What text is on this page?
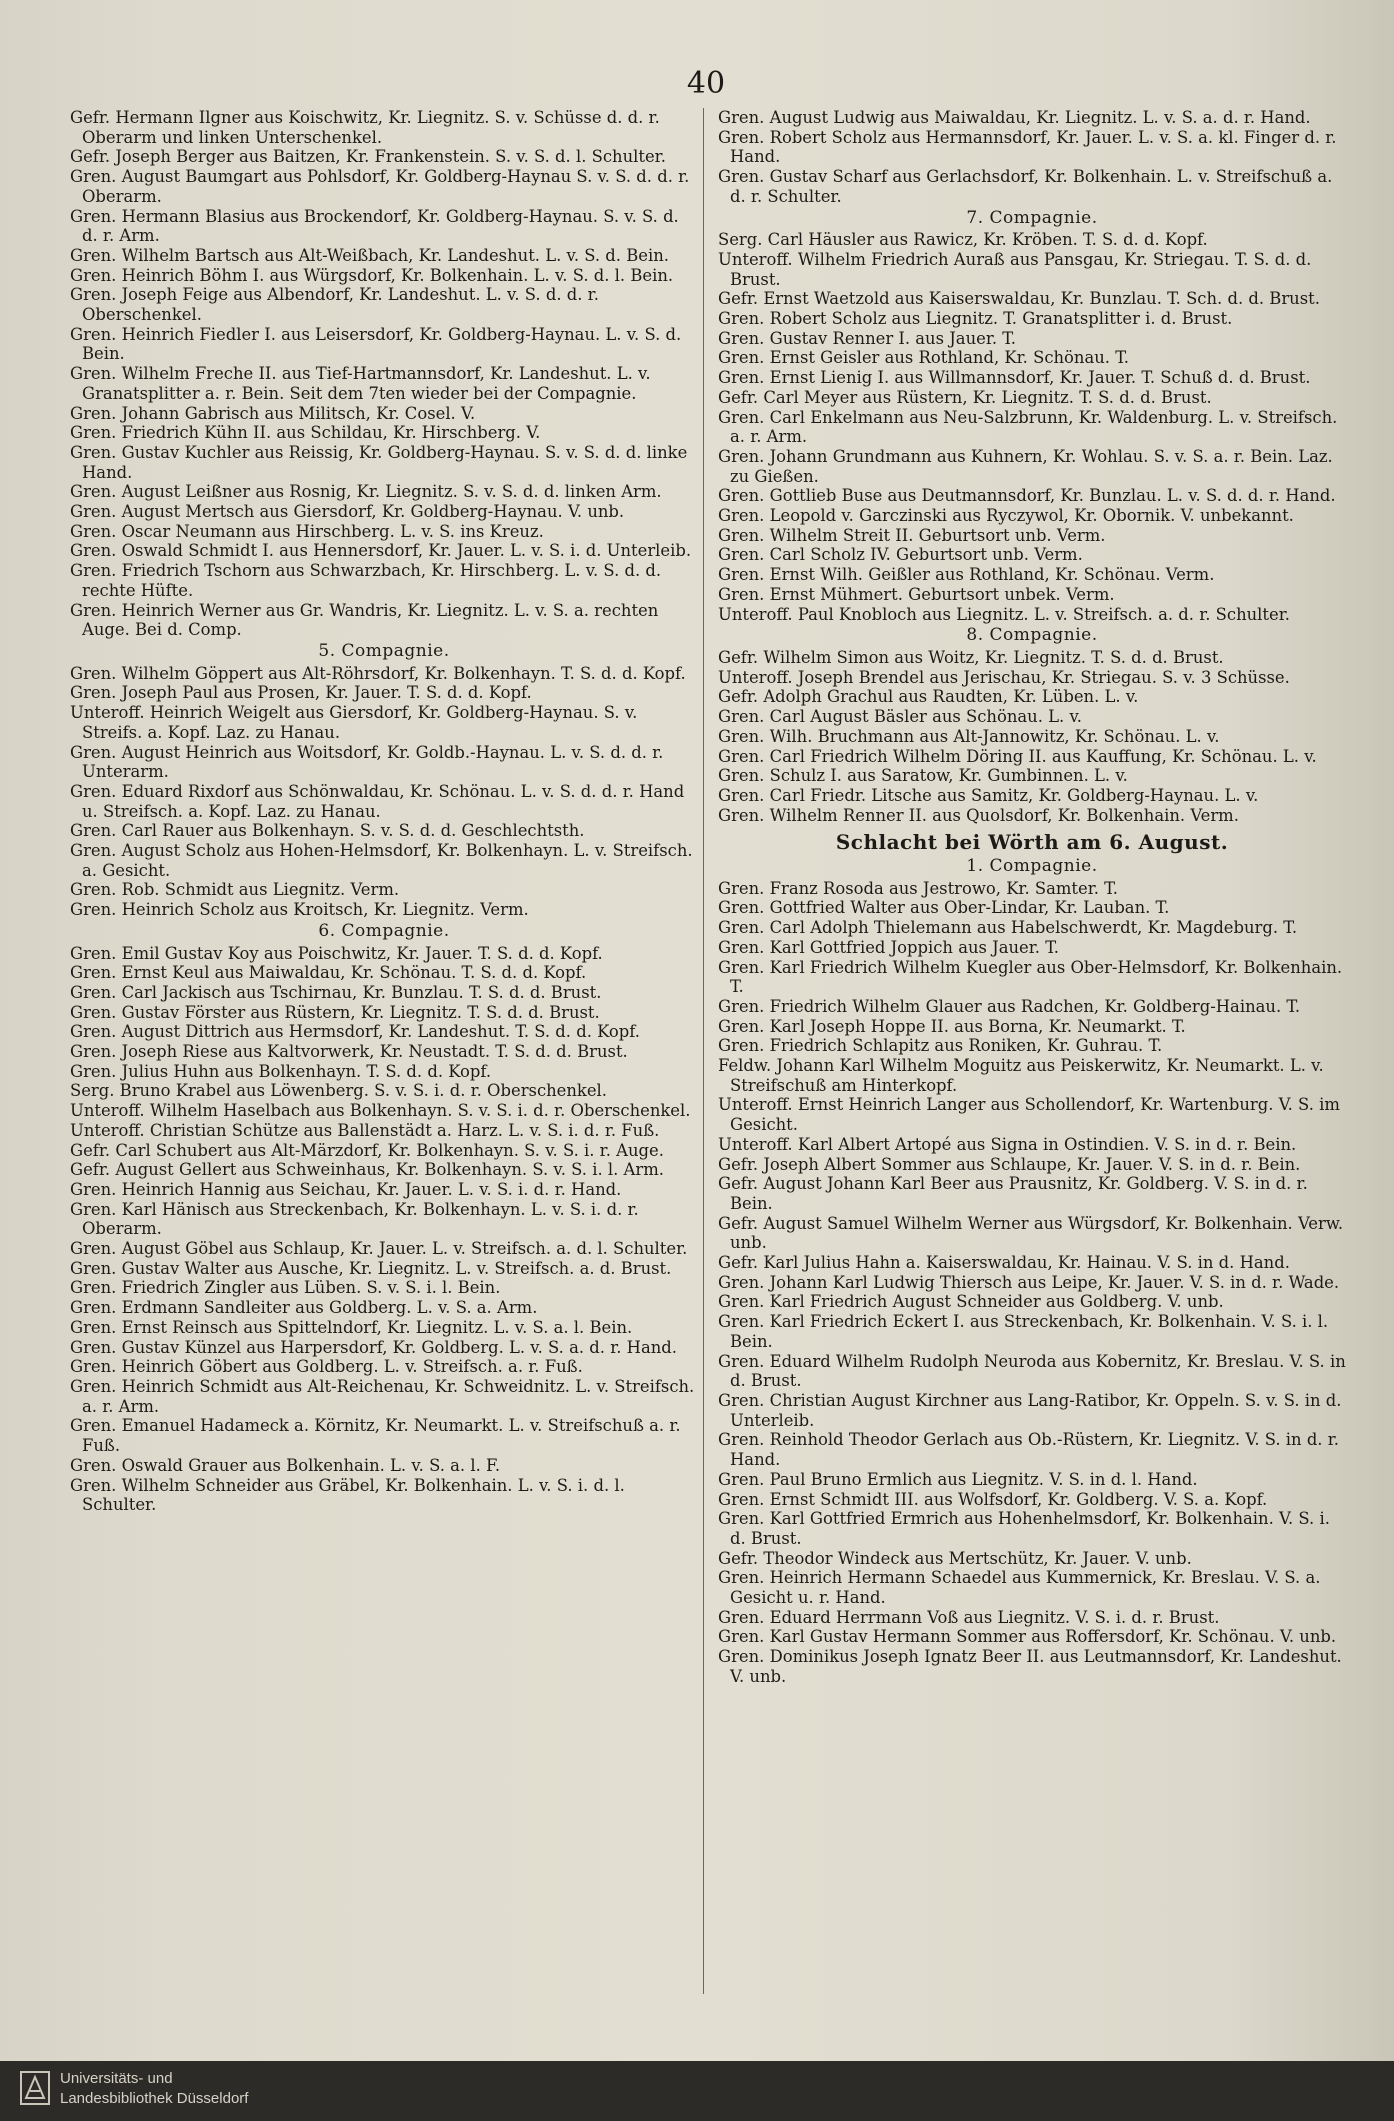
40

Gefr. Hermann Ilgner aus Koischwitz, Kr. Liegnitz. S. v. Schüsse d. d. r. Oberarm und linken Unterschenkel.

Gefr. Joseph Berger aus Baitzen, Kr. Frankenstein. S. v. S. d. l. Schulter.

Gren. August Baumgart aus Pohlsdorf, Kr. Goldberg-Haynau S. v. S. d. d. r. Oberarm.

Gren. Hermann Blasius aus Brockendorf, Kr. Goldberg-Haynau. S. v. S. d. d. r. Arm.

Gren. Wilhelm Bartsch aus Alt-Weißbach, Kr. Landeshut. L. v. S. d. Bein.

Gren. Heinrich Böhm I. aus Würgsdorf, Kr. Bolkenhain. L. v. S. d. l. Bein.

Gren. Joseph Feige aus Albendorf, Kr. Landeshut. L. v. S. d. d. r. Oberschenkel.

Gren. Heinrich Fiedler I. aus Leisersdorf, Kr. Goldberg-Haynau. L. v. S. d. Bein.

Gren. Wilhelm Freche II. aus Tief-Hartmannsdorf, Kr. Landeshut. L. v. Granatsplitter a. r. Bein. Seit dem 7ten wieder bei der Compagnie.

Gren. Johann Gabrisch aus Militsch, Kr. Cosel. V.

Gren. Friedrich Kühn II. aus Schildau, Kr. Hirschberg. V.

Gren. Gustav Kuchler aus Reissig, Kr. Goldberg-Haynau. S. v. S. d. d. linke Hand.

Gren. August Leißner aus Rosnig, Kr. Liegnitz. S. v. S. d. d. linken Arm.

Gren. August Mertsch aus Giersdorf, Kr. Goldberg-Haynau. V. unb.

Gren. Oscar Neumann aus Hirschberg. L. v. S. ins Kreuz.

Gren. Oswald Schmidt I. aus Hennersdorf, Kr. Jauer. L. v. S. i. d. Unterleib.

Gren. Friedrich Tschorn aus Schwarzbach, Kr. Hirschberg. L. v. S. d. d. rechte Hüfte.

Gren. Heinrich Werner aus Gr. Wandris, Kr. Liegnitz. L. v. S. a. rechten Auge. Bei d. Comp.

5. Compagnie.

Gren. Wilhelm Göppert aus Alt-Röhrsdorf, Kr. Bolkenhayn. T. S. d. d. Kopf.

Gren. Joseph Paul aus Prosen, Kr. Jauer. T. S. d. d. Kopf.

Unteroff. Heinrich Weigelt aus Giersdorf, Kr. Goldberg-Haynau. S. v. Streifs. a. Kopf. Laz. zu Hanau.

Gren. August Heinrich aus Woitsdorf, Kr. Goldb.-Haynau. L. v. S. d. d. r. Unterarm.

Gren. Eduard Rixdorf aus Schönwaldau, Kr. Schönau. L. v. S. d. d. r. Hand u. Streifsch. a. Kopf. Laz. zu Hanau.

Gren. Carl Rauer aus Bolkenhayn. S. v. S. d. d. Geschlechtsth.

Gren. August Scholz aus Hohen-Helmsdorf, Kr. Bolkenhayn. L. v. Streifsch. a. Gesicht.

Gren. Rob. Schmidt aus Liegnitz. Verm.

Gren. Heinrich Scholz aus Kroitsch, Kr. Liegnitz. Verm.

6. Compagnie.

Gren. Emil Gustav Koy aus Poischwitz, Kr. Jauer. T. S. d. d. Kopf.

Gren. Ernst Keul aus Maiwaldau, Kr. Schönau. T. S. d. d. Kopf.

Gren. Carl Jackisch aus Tschirnau, Kr. Bunzlau. T. S. d. d. Brust.

Gren. Gustav Förster aus Rüstern, Kr. Liegnitz. T. S. d. d. Brust.

Gren. August Dittrich aus Hermsdorf, Kr. Landeshut. T. S. d. d. Kopf.

Gren. Joseph Riese aus Kaltvorwerk, Kr. Neustadt. T. S. d. d. Brust.

Gren. Julius Huhn aus Bolkenhayn. T. S. d. d. Kopf.

Serg. Bruno Krabel aus Löwenberg. S. v. S. i. d. r. Oberschenkel.

Unteroff. Wilhelm Haselbach aus Bolkenhayn. S. v. S. i. d. r. Oberschenkel.

Unteroff. Christian Schütze aus Ballenstädt a. Harz. L. v. S. i. d. r. Fuß.

Gefr. Carl Schubert aus Alt-Märzdorf, Kr. Bolkenhayn. S. v. S. i. r. Auge.

Gefr. August Gellert aus Schweinhaus, Kr. Bolkenhayn. S. v. S. i. l. Arm.

Gren. Heinrich Hannig aus Seichau, Kr. Jauer. L. v. S. i. d. r. Hand.

Gren. Karl Hänisch aus Streckenbach, Kr. Bolkenhayn. L. v. S. i. d. r. Oberarm.

Gren. August Göbel aus Schlaup, Kr. Jauer. L. v. Streifsch. a. d. l. Schulter.

Gren. Gustav Walter aus Ausche, Kr. Liegnitz. L. v. Streifsch. a. d. Brust.

Gren. Friedrich Zingler aus Lüben. S. v. S. i. l. Bein.

Gren. Erdmann Sandleiter aus Goldberg. L. v. S. a. Arm.

Gren. Ernst Reinsch aus Spittelndorf, Kr. Liegnitz. L. v. S. a. l. Bein.

Gren. Gustav Künzel aus Harpersdorf, Kr. Goldberg. L. v. S. a. d. r. Hand.

Gren. Heinrich Göbert aus Goldberg. L. v. Streifsch. a. r. Fuß.

Gren. Heinrich Schmidt aus Alt-Reichenau, Kr. Schweidnitz. L. v. Streifsch. a. r. Arm.

Gren. Emanuel Hadameck a. Körnitz, Kr. Neumarkt. L. v. Streifschuß a. r. Fuß.

Gren. Oswald Grauer aus Bolkenhain. L. v. S. a. l. F.

Gren. Wilhelm Schneider aus Gräbel, Kr. Bolkenhain. L. v. S. i. d. l. Schulter.

Gren. August Ludwig aus Maiwaldau, Kr. Liegnitz. L. v. S. a. d. r. Hand.

Gren. Robert Scholz aus Hermannsdorf, Kr. Jauer. L. v. S. a. kl. Finger d. r. Hand.

Gren. Gustav Scharf aus Gerlachsdorf, Kr. Bolkenhain. L. v. Streifschuß a. d. r. Schulter.

7. Compagnie.

Serg. Carl Häusler aus Rawicz, Kr. Kröben. T. S. d. d. Kopf.

Unteroff. Wilhelm Friedrich Auraß aus Pansgau, Kr. Striegau. T. S. d. d. Brust.

Gefr. Ernst Waetzold aus Kaiserswaldau, Kr. Bunzlau. T. Sch. d. d. Brust.

Gren. Robert Scholz aus Liegnitz. T. Granatsplitter i. d. Brust.

Gren. Gustav Renner I. aus Jauer. T.

Gren. Ernst Geisler aus Rothland, Kr. Schönau. T.

Gren. Ernst Lienig I. aus Willmannsdorf, Kr. Jauer. T. Schuß d. d. Brust.

Gefr. Carl Meyer aus Rüstern, Kr. Liegnitz. T. S. d. d. Brust.

Gren. Carl Enkelmann aus Neu-Salzbrunn, Kr. Waldenburg. L. v. Streifsch. a. r. Arm.

Gren. Johann Grundmann aus Kuhnern, Kr. Wohlau. S. v. S. a. r. Bein. Laz. zu Gießen.

Gren. Gottlieb Buse aus Deutmannsdorf, Kr. Bunzlau. L. v. S. d. d. r. Hand.

Gren. Leopold v. Garczinski aus Ryczywol, Kr. Obornik. V. unbekannt.

Gren. Wilhelm Streit II. Geburtsort unb. Verm.

Gren. Carl Scholz IV. Geburtsort unb. Verm.

Gren. Ernst Wilh. Geißler aus Rothland, Kr. Schönau. Verm.

Gren. Ernst Mühmert. Geburtsort unbek. Verm.

Unteroff. Paul Knobloch aus Liegnitz. L. v. Streifsch. a. d. r. Schulter.

8. Compagnie.

Gefr. Wilhelm Simon aus Woitz, Kr. Liegnitz. T. S. d. d. Brust.

Unteroff. Joseph Brendel aus Jerischau, Kr. Striegau. S. v. 3 Schüsse.

Gefr. Adolph Grachul aus Raudten, Kr. Lüben. L. v.

Gren. Carl August Bäsler aus Schönau. L. v.

Gren. Wilh. Bruchmann aus Alt-Jannowitz, Kr. Schönau. L. v.

Gren. Carl Friedrich Wilhelm Döring II. aus Kauffung, Kr. Schönau. L. v.

Gren. Schulz I. aus Saratow, Kr. Gumbinnen. L. v.

Gren. Carl Friedr. Litsche aus Samitz, Kr. Goldberg-Haynau. L. v.

Gren. Wilhelm Renner II. aus Quolsdorf, Kr. Bolkenhain. Verm.

Schlacht bei Wörth am 6. August.

1. Compagnie.

Gren. Franz Rosoda aus Jestrowo, Kr. Samter. T.

Gren. Gottfried Walter aus Ober-Lindar, Kr. Lauban. T.

Gren. Carl Adolph Thielemann aus Habelschwerdt, Kr. Magdeburg. T.

Gren. Karl Gottfried Joppich aus Jauer. T.

Gren. Karl Friedrich Wilhelm Kuegler aus Ober-Helmsdorf, Kr. Bolkenhain. T.

Gren. Friedrich Wilhelm Glauer aus Radchen, Kr. Goldberg-Hainau. T.

Gren. Karl Joseph Hoppe II. aus Borna, Kr. Neumarkt. T.

Gren. Friedrich Schlapitz aus Roniken, Kr. Guhrau. T.

Feldw. Johann Karl Wilhelm Moguitz aus Peiskerwitz, Kr. Neumarkt. L. v. Streifschuß am Hinterkopf.

Unteroff. Ernst Heinrich Langer aus Schollendorf, Kr. Wartenburg. V. S. im Gesicht.

Unteroff. Karl Albert Artopé aus Signa in Ostindien. V. S. in d. r. Bein.

Gefr. Joseph Albert Sommer aus Schlaupe, Kr. Jauer. V. S. in d. r. Bein.

Gefr. August Johann Karl Beer aus Prausnitz, Kr. Goldberg. V. S. in d. r. Bein.

Gefr. August Samuel Wilhelm Werner aus Würgsdorf, Kr. Bolkenhain. Verw. unb.

Gefr. Karl Julius Hahn a. Kaiserswaldau, Kr. Hainau. V. S. in d. Hand.

Gren. Johann Karl Ludwig Thiersch aus Leipe, Kr. Jauer. V. S. in d. r. Wade.

Gren. Karl Friedrich August Schneider aus Goldberg. V. unb.

Gren. Karl Friedrich Eckert I. aus Streckenbach, Kr. Bolkenhain. V. S. i. l. Bein.

Gren. Eduard Wilhelm Rudolph Neuroda aus Kobernitz, Kr. Breslau. V. S. in d. Brust.

Gren. Christian August Kirchner aus Lang-Ratibor, Kr. Oppeln. S. v. S. in d. Unterleib.

Gren. Reinhold Theodor Gerlach aus Ob.-Rüstern, Kr. Liegnitz. V. S. in d. r. Hand.

Gren. Paul Bruno Ermlich aus Liegnitz. V. S. in d. l. Hand.

Gren. Ernst Schmidt III. aus Wolfsdorf, Kr. Goldberg. V. S. a. Kopf.

Gren. Karl Gottfried Ermrich aus Hohenhelmsdorf, Kr. Bolkenhain. V. S. i. d. Brust.

Gefr. Theodor Windeck aus Mertschütz, Kr. Jauer. V. unb.

Gren. Heinrich Hermann Schaedel aus Kummernick, Kr. Breslau. V. S. a. Gesicht u. r. Hand.

Gren. Eduard Herrmann Voß aus Liegnitz. V. S. i. d. r. Brust.

Gren. Karl Gustav Hermann Sommer aus Roffersdorf, Kr. Schönau. V. unb.

Gren. Dominikus Joseph Ignatz Beer II. aus Leutmannsdorf, Kr. Landeshut. V. unb.

Universitäts- und
Landesbibliothek Düsseldorf
